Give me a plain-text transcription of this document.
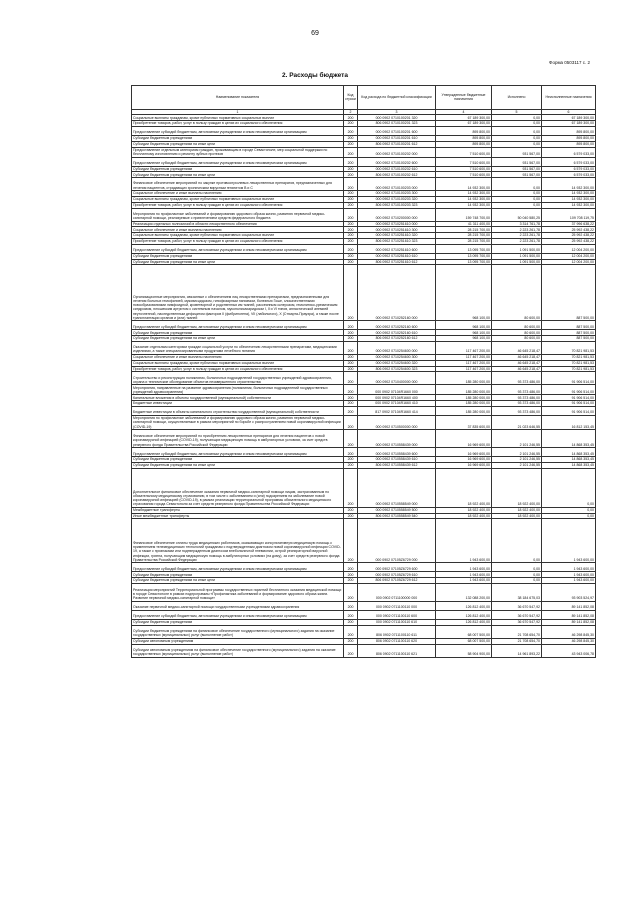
69
Форма 0503117 с. 2
2. Расходы бюджета
Наименование показателя	Код строки	Код расхода по бюджетной классификации	Утвержденные бюджетные назначения	Исполнено	Неисполненные назначения
1	2	3	4	5	6
Социальные выплаты гражданам, кроме публичных нормативных социальных выплат	200	000 0902 0710100201 320	67 189 300,00	0,00	67 189 300,00
Приобретение товаров, работ, услуг в пользу граждан в целях их социального обеспечения	200	806 0902 0710100201 323	67 189 300,00	0,00	67 189 300,00
Предоставление субсидий бюджетным, автономным учреждениям и иным некоммерческим организациям	200	000 0902 0710100201 600	895 800,00	0,00	895 800,00
Субсидии бюджетным учреждениям	200	000 0902 0710100201 610	895 800,00	0,00	895 800,00
Субсидии бюджетным учреждениям на иные цели	200	806 0902 0710100201 612	895 800,00	0,00	895 800,00
Предоставление отдельным категориям граждан, проживающим в городе Севастополе, мер социальной поддержки по бесплатному изготовлению и ремонту зубных протезов	200	000 0902 0710100202 000	7 510 600,00	931 567,00	6 579 033,00
Предоставление субсидий бюджетным, автономным учреждениям и иным некоммерческим организациям	200	000 0902 0710100202 600	7 510 600,00	931 567,00	6 579 033,00
Субсидии бюджетным учреждениям	200	000 0902 0710100202 610	7 510 600,00	931 567,00	6 579 033,00
Субсидии бюджетным учреждениям на иные цели	200	806 0902 0710100202 612	7 510 600,00	931 567,00	6 579 033,00
Финансовое обеспечение мероприятий по закупке противоопухолевых лекарственных препаратов, предназначенных для лечения пациентов, страдающих хроническим вирусным гепатитом В и С	200	000 0902 0710100203 000	14 932 300,00	0,00	14 932 300,00
Социальное обеспечение и иные выплаты населению	200	000 0902 0710100203 300	14 932 300,00	0,00	14 932 300,00
Социальные выплаты гражданам, кроме публичных нормативных социальных выплат	200	000 0902 0710100203 320	14 932 300,00	0,00	14 932 300,00
Приобретение товаров, работ, услуг в пользу граждан в целях их социального обеспечения	200	806 0902 0710100203 323	14 932 300,00	0,00	14 932 300,00
Мероприятия по профилактике заболеваний и формированию здорового образа жизни, развитию первичной медико-санитарной помощи, реализуемые с привлечением средств федерального бюджета	200	000 0902 0710200000 000	159 748 700,00	50 040 580,25	109 708 119,75
Реализация отдельных полномочий в области лекарственного обеспечения	200	000 0902 0710251610 000	41 311 400,00	3 314 761,78	37 996 638,22
Социальное обеспечение и иные выплаты населению	200	000 0902 0710251610 300	28 215 700,00	2 223 261,78	25 992 438,22
Социальные выплаты гражданам, кроме публичных нормативных социальных выплат	200	000 0902 0710251610 320	28 215 700,00	2 223 261,78	25 992 438,22
Приобретение товаров, работ, услуг в пользу граждан в целях их социального обеспечения	200	806 0902 0710251610 323	28 215 700,00	2 223 261,78	25 992 438,22
Предоставление субсидий бюджетным, автономным учреждениям и иным некоммерческим организациям	200	000 0902 0710251610 600	13 095 700,00	1 091 500,00	12 004 200,00
Субсидии бюджетным учреждениям	200	000 0902 0710251610 610	13 095 700,00	1 091 500,00	12 004 200,00
Субсидии бюджетным учреждениям на иные цели	200	806 0902 0710251610 612	13 095 700,00	1 091 500,00	12 004 200,00
Организационные мероприятия, связанные с обеспечением лиц лекарственными препаратами, предназначенными для лечения больных гемофилией, муковисцидозом, гипофизарным нанизмом, болезнью Гоше, злокачественными новообразованиями лимфоидной, кроветворной и родственных им тканей, рассеянным склерозом, гемолитико-уремическим синдромом, юношеским артритом с системным началом, мукополисахаридозом I, II и VI типов, апластической анемией неуточненной, наследственным дефицитом факторов II (фибриногена), VII (лабильного), X (Стюарта-Прауэра), а также после трансплантации органов и (или) тканей	200	000 0902 0710252160 000	968 100,00	80 600,00	887 500,00
Предоставление субсидий бюджетным, автономным учреждениям и иным некоммерческим организациям	200	000 0902 0710252160 600	968 100,00	80 600,00	887 500,00
Субсидии бюджетным учреждениям	200	000 0902 0710252160 610	968 100,00	80 600,00	887 500,00
Субсидии бюджетным учреждениям на иные цели	200	806 0902 0710252160 612	968 100,00	80 600,00	887 500,00
Оказание отдельным категориям граждан социальной услуги по обеспечению лекарственными препаратами, медицинскими изделиями, а также специализированными продуктами лечебного питания	200	000 0902 0710254600 000	117 467 200,00	46 645 218,47	70 821 981,53
Социальное обеспечение и иные выплаты населению	200	000 0902 0710254600 300	117 467 200,00	46 645 218,47	70 821 981,53
Социальные выплаты гражданам, кроме публичных нормативных социальных выплат	200	000 0902 0710254600 320	117 467 200,00	46 645 218,47	70 821 981,53
Приобретение товаров, работ, услуг в пользу граждан в целях их социального обеспечения	200	806 0902 0710254600 323	117 467 200,00	46 645 218,47	70 821 981,53
Строительство и реконструкция поликлиник, больничных подразделений государственных учреждений здравоохранения, охрана и технические обследование объектов незавершенного строительства	200	000 0902 0710400000 000	185 280 000,00	93 373 486,00	91 906 514,00
Мероприятия, направленные на развитие здравоохранения (поликлиник, больничных подразделений государственных учреждений здравоохранения)	200	000 0902 07104R1660 000	185 280 000,00	93 373 486,00	91 906 514,00
Капитальные вложения в объекты государственной (муниципальной) собственности	200	000 0902 07104R1660 400	185 280 000,00	93 373 486,00	91 906 514,00
Бюджетные инвестиции	200	000 0902 07104R1660 410	185 280 000,00	93 373 486,00	91 906 514,00
Бюджетные инвестиции в объекты капитального строительства государственной (муниципальной) собственности	200	817 0902 07104R1660 414	185 280 000,00	93 373 486,00	91 906 514,00
Мероприятия по профилактике заболеваний и формированию здорового образа жизни, развитию первичной медико-санитарной помощи, осуществляемые в рамках мероприятий по борьбе с распространением новой коронавирусной инфекции (COVID-19)	200	000 0902 0710500000 000	37 835 600,00	21 023 646,55	16 812 153,45
Финансовое обеспечение мероприятий по приобретению лекарственных препаратов для лечения пациентов с новой коронавирусной инфекцией (COVID-19), получающих медицинскую помощь в амбулаторных условиях, за счет средств резервного фонда Правительства Российской Федерации	200	000 0902 0710558439 000	16 969 600,00	2 101 246,55	14 868 353,45
Предоставление субсидий бюджетным, автономным учреждениям и иным некоммерческим организациям	200	000 0902 0710558439 600	16 969 600,00	2 101 246,55	14 868 353,45
Субсидии бюджетным учреждениям	200	000 0902 0710558439 610	16 969 600,00	2 101 246,55	14 868 353,45
Субсидии бюджетным учреждениям на иные цели	200	806 0902 0710558439 612	16 969 600,00	2 101 246,55	14 868 353,45
Дополнительное финансовое обеспечение оказания первичной медико-санитарной помощи лицам, застрахованным по обязательному медицинскому страхованию, в том числе с заболеванием и (или) подозрением на заболевание новой коронавирусной инфекцией (COVID-19), в рамках реализации территориальной программы обязательного медицинского страхования города Севастополя за счет средств резервного фонда Правительства Российской Федерации	200	000 0902 0710558549 000	18 922 400,00	18 922 400,00	0,00
Межбюджетные трансферты	200	000 0902 0710558549 500	18 922 400,00	18 922 400,00	0,00
Иные межбюджетные трансферты	200	806 0902 0710558549 540	18 922 400,00	18 922 400,00	0,00
Финансовое обеспечение оплаты труда медицинских работников, оказывающих консультативную медицинскую помощь с применением телемедицинских технологий гражданам с подтвержденным диагнозом новой коронавирусной инфекции COVID-19, а также с признаками или подтвержденным диагнозом внебольничной пневмонии, острой респираторной вирусной инфекции, гриппа, получающим медицинскую помощь в амбулаторных условиях (на дому), за счет средств резервного фонда Правительства Российской Федерации	200	000 0902 07105Z6729 000	1 943 600,00	0,00	1 943 600,00
Предоставление субсидий бюджетным, автономным учреждениям и иным некоммерческим организациям	200	000 0902 07105Z6729 600	1 943 600,00	0,00	1 943 600,00
Субсидии бюджетным учреждениям	200	000 0902 07105Z6729 610	1 943 600,00	0,00	1 943 600,00
Субсидии бюджетным учреждениям на иные цели	200	806 0902 07105Z6729 612	1 943 600,00	0,00	1 943 600,00
Реализация мероприятий Территориальной программы государственных гарантий бесплатного оказания медицинской помощи в городе Севастополе в рамках подпрограммы «Профилактика заболеваний и формирование здорового образа жизни. Развитие первичной медико-санитарной помощи»	200	000 0902 0711100000 000	132 088 200,00	38 184 675,03	93 903 524,97
Оказание первичной медико-санитарной помощи государственными учреждениями здравоохранения	200	000 0902 0711100110 000	126 812 400,00	36 670 547,92	89 141 852,08
Предоставление субсидий бюджетным, автономным учреждениям и иным некоммерческим организациям	200	000 0902 0711100110 600	126 812 400,00	36 670 547,92	89 141 852,08
Субсидии бюджетным учреждениям	200	000 0902 0711100110 610	126 812 400,00	36 670 547,92	89 141 852,08
Субсидии бюджетным учреждениям на финансовое обеспечение государственного (муниципального) задания на оказание государственных (муниципальных) услуг (выполнение работ)	200	806 0902 0711100110 611	68 007 500,00	21 708 654,70	46 298 845,30
Субсидии автономным учреждениям	200	806 0902 0711100110 620	68 007 500,00	21 708 654,70	46 298 845,30
Субсидии автономным учреждениям на финансовое обеспечение государственного (муниципального) задания на оказание государственных (муниципальных) услуг (выполнение работ)	200	806 0902 0711100110 621	58 904 900,00	14 961 893,22	43 943 006,78
